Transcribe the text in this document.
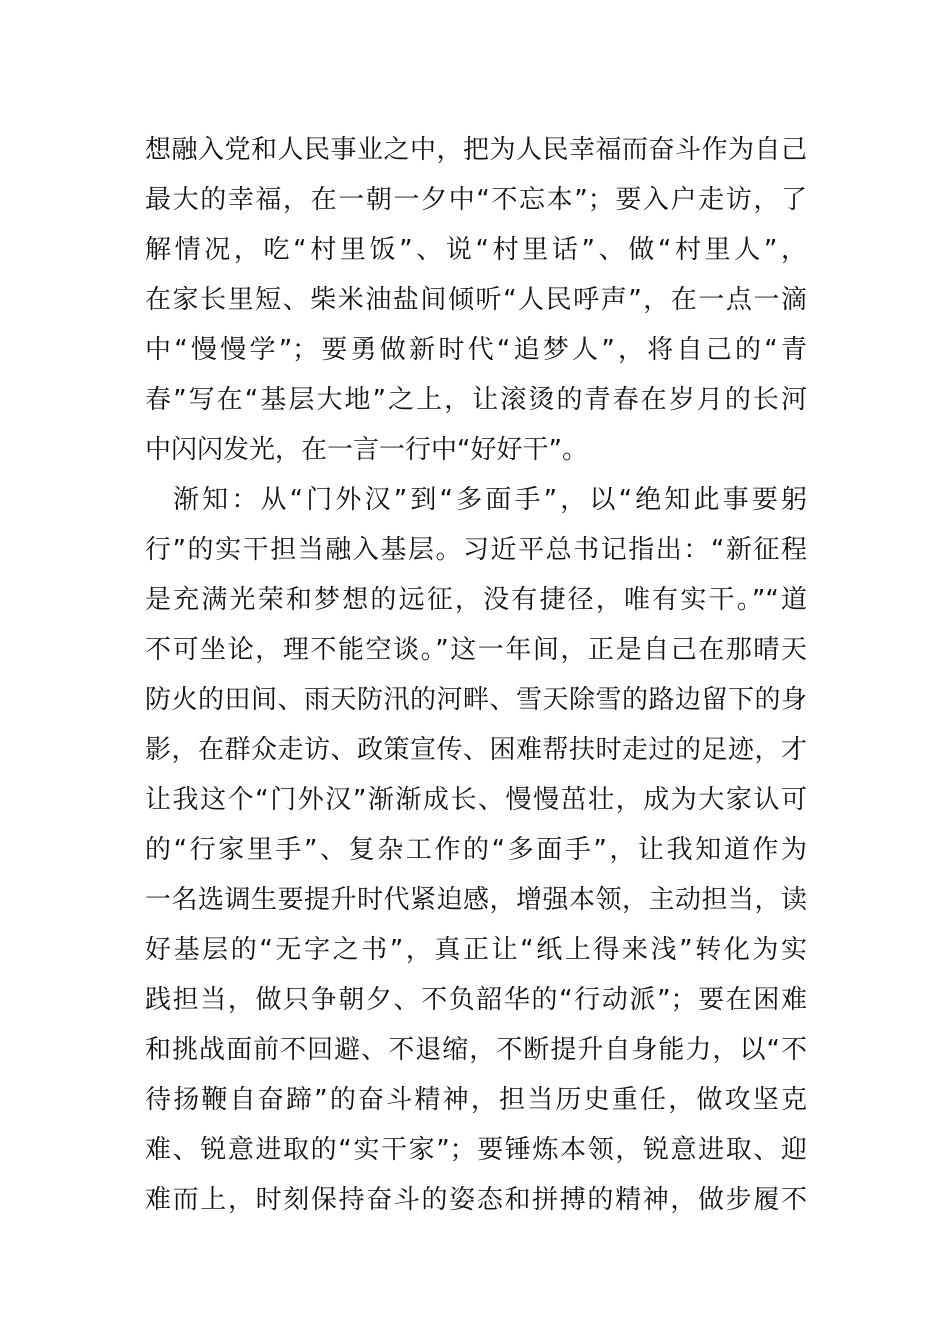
想融入党和人民事业之中，把为人民幸福而奋斗作为自己
最大的幸福，在一朝一夕中“不忘本”；要入户走访，了
解情况，吃“村里饭”、说“村里话”、做“村里人”，
在家长里短、柴米油盐间倾听“人民呼声”，在一点一滴
中“慢慢学”；要勇做新时代“追梦人”，将自己的“青
春”写在“基层大地”之上，让滚烫的青春在岁月的长河
中闪闪发光，在一言一行中“好好干”。
渐知：从“门外汉”到“多面手”，以“绝知此事要躬
行”的实干担当融入基层。习近平总书记指出：“新征程
是充满光荣和梦想的远征，没有捷径，唯有实干。”“道
不可坐论，理不能空谈。”这一年间，正是自己在那晴天
防火的田间、雨天防汛的河畔、雪天除雪的路边留下的身
影，在群众走访、政策宣传、困难帮扶时走过的足迹，才
让我这个“门外汉”渐渐成长、慢慢茁壮，成为大家认可
的“行家里手”、复杂工作的“多面手”，让我知道作为
一名选调生要提升时代紧迫感，增强本领，主动担当，读
好基层的“无字之书”，真正让“纸上得来浅”转化为实
践担当，做只争朝夕、不负韶华的“行动派”；要在困难
和挑战面前不回避、不退缩，不断提升自身能力，以“不
待扬鞭自奋蹄”的奋斗精神，担当历史重任，做攻坚克
难、锐意进取的“实干家”；要锤炼本领，锐意进取、迎
难而上，时刻保持奋斗的姿态和拼搏的精神，做步履不
